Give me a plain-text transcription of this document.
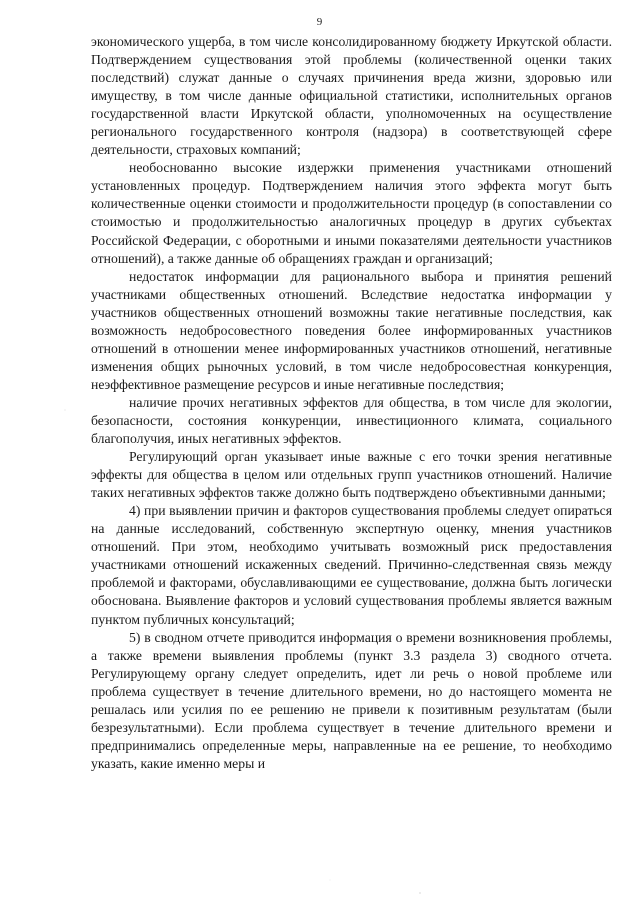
9

экономического ущерба, в том числе консолидированному бюджету Иркутской области. Подтверждением существования этой проблемы (количественной оценки таких последствий) служат данные о случаях причинения вреда жизни, здоровью или имуществу, в том числе данные официальной статистики, исполнительных органов государственной власти Иркутской области, уполномоченных на осуществление регионального государственного контроля (надзора) в соответствующей сфере деятельности, страховых компаний;

необоснованно высокие издержки применения участниками отношений установленных процедур. Подтверждением наличия этого эффекта могут быть количественные оценки стоимости и продолжительности процедур (в сопоставлении со стоимостью и продолжительностью аналогичных процедур в других субъектах Российской Федерации, с оборотными и иными показателями деятельности участников отношений), а также данные об обращениях граждан и организаций;

недостаток информации для рационального выбора и принятия решений участниками общественных отношений. Вследствие недостатка информации у участников общественных отношений возможны такие негативные последствия, как возможность недобросовестного поведения более информированных участников отношений в отношении менее информированных участников отношений, негативные изменения общих рыночных условий, в том числе недобросовестная конкуренция, неэффективное размещение ресурсов и иные негативные последствия;

наличие прочих негативных эффектов для общества, в том числе для экологии, безопасности, состояния конкуренции, инвестиционного климата, социального благополучия, иных негативных эффектов.

Регулирующий орган указывает иные важные с его точки зрения негативные эффекты для общества в целом или отдельных групп участников отношений. Наличие таких негативных эффектов также должно быть подтверждено объективными данными;

4) при выявлении причин и факторов существования проблемы следует опираться на данные исследований, собственную экспертную оценку, мнения участников отношений. При этом, необходимо учитывать возможный риск предоставления участниками отношений искаженных сведений. Причинно-следственная связь между проблемой и факторами, обуславливающими ее существование, должна быть логически обоснована. Выявление факторов и условий существования проблемы является важным пунктом публичных консультаций;

5) в сводном отчете приводится информация о времени возникновения проблемы, а также времени выявления проблемы (пункт 3.3 раздела 3) сводного отчета. Регулирующему органу следует определить, идет ли речь о новой проблеме или проблема существует в течение длительного времени, но до настоящего момента не решалась или усилия по ее решению не привели к позитивным результатам (были безрезультатными). Если проблема существует в течение длительного времени и предпринимались определенные меры, направленные на ее решение, то необходимо указать, какие именно меры и
